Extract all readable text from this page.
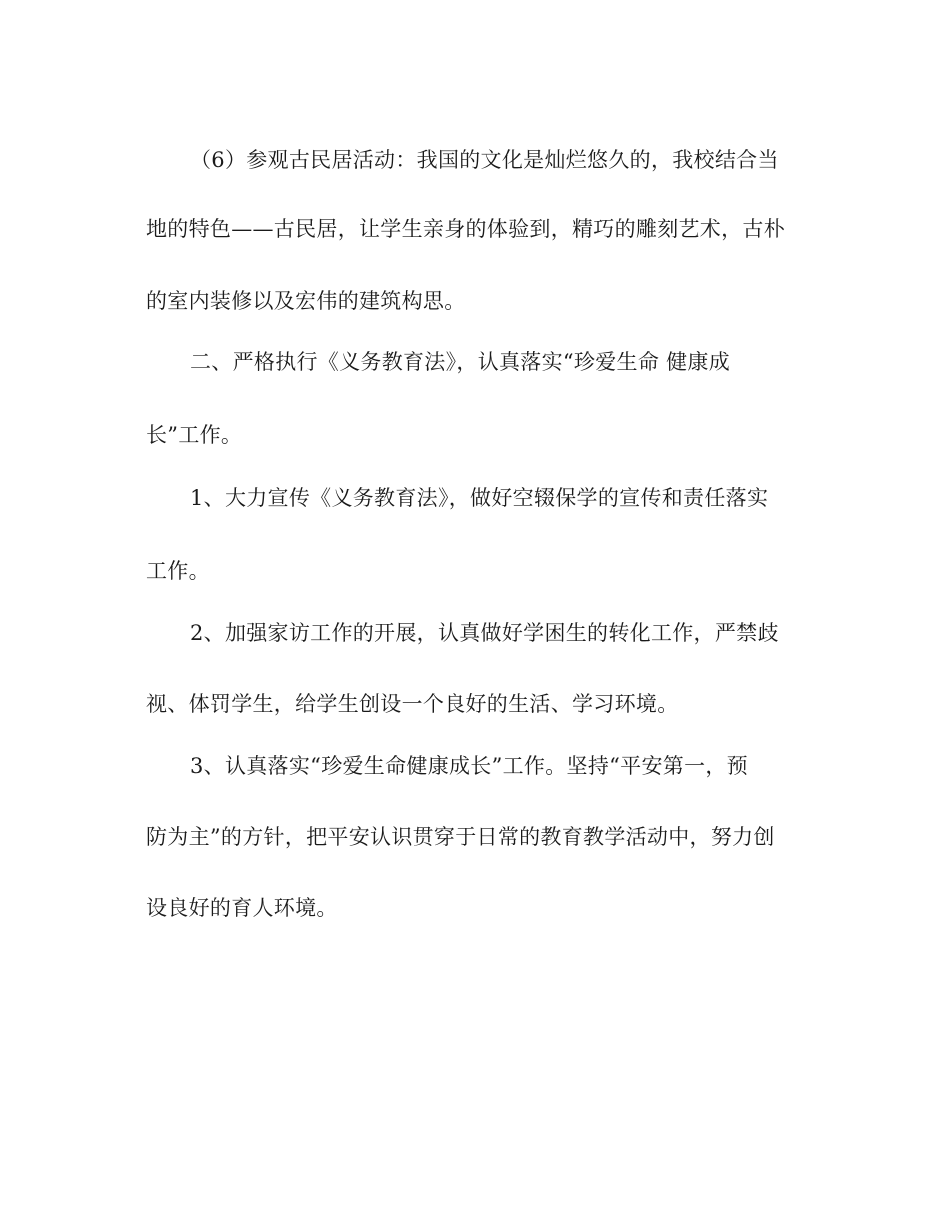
（6）参观古民居活动：我国的文化是灿烂悠久的，我校结合当

地的特色——古民居，让学生亲身的体验到，精巧的雕刻艺术，古朴

的室内装修以及宏伟的建筑构思。

二、严格执行《义务教育法》，认真落实“珍爱生命 健康成

长”工作。

1、大力宣传《义务教育法》，做好空辍保学的宣传和责任落实

工作。

2、加强家访工作的开展，认真做好学困生的转化工作，严禁歧

视、体罚学生，给学生创设一个良好的生活、学习环境。

3、认真落实“珍爱生命健康成长”工作。坚持“平安第一，预

防为主”的方针，把平安认识贯穿于日常的教育教学活动中，努力创

设良好的育人环境。
